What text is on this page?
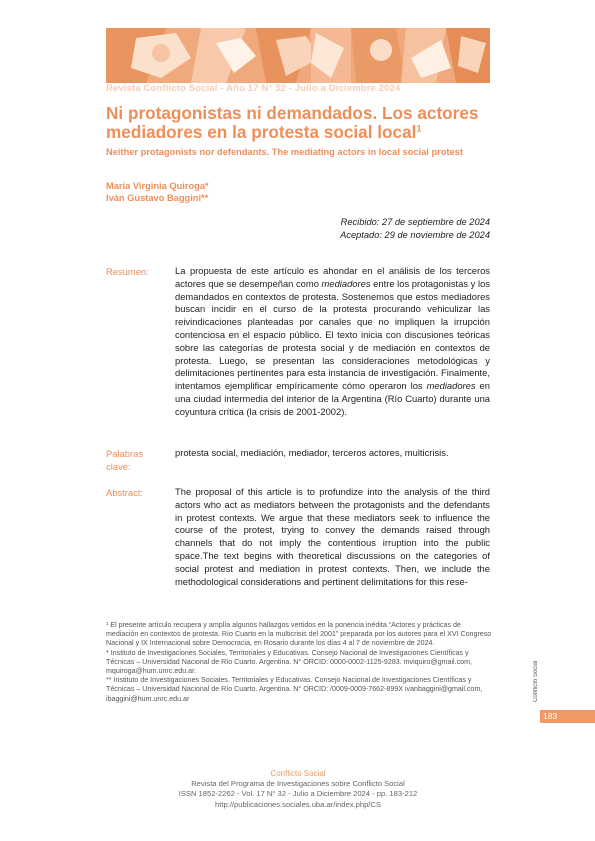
Revista Conflicto Social - Año 17 N° 32 - Julio a Diciembre 2024
Ni protagonistas ni demandados. Los actores
mediadores en la protesta social local$^1$
Neither protagonists nor defendants. The mediating actors in local social protest
María Virginia Quiroga*
Iván Gustavo Baggini**
Recibido: 27 de septiembre de 2024
Aceptado: 29 de noviembre de 2024
Resumen:	La propuesta de este artículo es ahondar en el análisis de los terceros actores que se desempeñan como mediadores entre los protagonistas y los demandados en contextos de protesta. Sostenemos que estos mediadores buscan incidir en el curso de la protesta procurando vehiculizar las reivindicaciones planteadas por canales que no impliquen la irrupción contenciosa en el espacio público. El texto inicia con discusiones teóricas sobre las categorías de protesta social y de mediación en contextos de protesta. Luego, se presentan las consideraciones metodológicas y delimitaciones pertinentes para esta instancia de investigación. Finalmente, intentamos ejemplificar empíricamente cómo operaron los mediadores en una ciudad intermedia del interior de la Argentina (Río Cuarto) durante una coyuntura crítica (la crisis de 2001-2002).

Palabras clave:

protesta social, mediación, mediador, terceros actores, multicrisis.

Abstract:	The proposal of this article is to profundize into the analysis of the third actors who act as mediators between the protagonists and the defendants in protest contexts. We argue that these mediators seek to influence the course of the protest, trying to convey the demands raised through channels that do not imply the contentious irruption into the public space.The text begins with theoretical discussions on the categories of social protest and mediation in protest contexts. Then, we include the methodological considerations and pertinent delimitations for this rese-

¹ El presente artículo recupera y amplía algunos hallazgos vertidos en la ponencia inédita “Actores y prácticas de mediación en contextos de protesta. Río Cuarto en la multicrisis del 2001” preparada por los autores para el XVI Congreso Nacional y IX Internacional sobre Democracia, en Rosario durante los días 4 al 7 de noviembre de 2024.

* Instituto de Investigaciones Sociales, Territoriales y Educativas. Consejo Nacional de Investigaciones Científicas y Técnicas – Universidad Nacional de Río Cuarto. Argentina. N° ORCID: 0000-0002-1125-9283. mviquiro@gmail.com, mquiroga@hum.unrc.edu.ar.

** Instituto de Investigaciones Sociales, Territoriales y Educativas. Consejo Nacional de Investigaciones Científicas y Técnicas – Universidad Nacional de Río Cuarto. Argentina. N° ORCID: /0009-0009-7662-899X ivanbaggini@gmail.com, ibaggini@hum.unrc.edu.ar	Conflicto Social
183
Conflicto Social
Revista del Programa de Investigaciones sobre Conflicto Social
ISSN 1852-2262 - Vol. 17 N° 32 - Julio a Diciembre 2024 - pp. 183-212
http://publicaciones.sociales.uba.ar/index.php/CS
